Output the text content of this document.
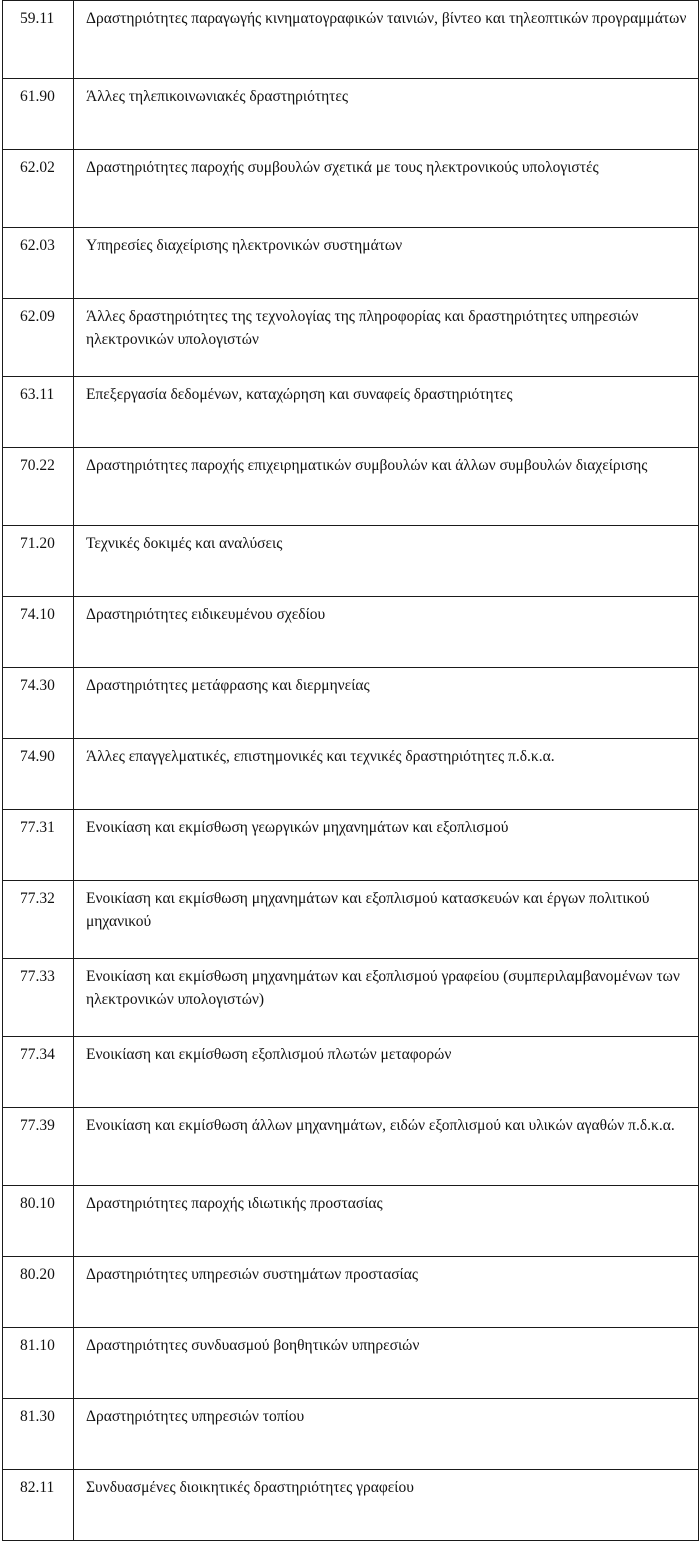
59.11	Δραστηριότητες παραγωγής κινηματογραφικών ταινιών, βίντεο και τηλεοπτικών προγραμμάτων
61.90	Άλλες τηλεπικοινωνιακές δραστηριότητες
62.02	Δραστηριότητες παροχής συμβουλών σχετικά με τους ηλεκτρονικούς υπολογιστές
62.03	Υπηρεσίες διαχείρισης ηλεκτρονικών συστημάτων
62.09	Άλλες δραστηριότητες της τεχνολογίας της πληροφορίας και δραστηριότητες υπηρεσιών ηλεκτρονικών υπολογιστών
63.11	Επεξεργασία δεδομένων, καταχώρηση και συναφείς δραστηριότητες
70.22	Δραστηριότητες παροχής επιχειρηματικών συμβουλών και άλλων συμβουλών διαχείρισης
71.20	Τεχνικές δοκιμές και αναλύσεις
74.10	Δραστηριότητες ειδικευμένου σχεδίου
74.30	Δραστηριότητες μετάφρασης και διερμηνείας
74.90	Άλλες επαγγελματικές, επιστημονικές και τεχνικές δραστηριότητες π.δ.κ.α.
77.31	Ενοικίαση και εκμίσθωση γεωργικών μηχανημάτων και εξοπλισμού
77.32	Ενοικίαση και εκμίσθωση μηχανημάτων και εξοπλισμού κατασκευών και έργων πολιτικού μηχανικού
77.33	Ενοικίαση και εκμίσθωση μηχανημάτων και εξοπλισμού γραφείου (συμπεριλαμβανομένων των ηλεκτρονικών υπολογιστών)
77.34	Ενοικίαση και εκμίσθωση εξοπλισμού πλωτών μεταφορών
77.39	Ενοικίαση και εκμίσθωση άλλων μηχανημάτων, ειδών εξοπλισμού και υλικών αγαθών π.δ.κ.α.
80.10	Δραστηριότητες παροχής ιδιωτικής προστασίας
80.20	Δραστηριότητες υπηρεσιών συστημάτων προστασίας
81.10	Δραστηριότητες συνδυασμού βοηθητικών υπηρεσιών
81.30	Δραστηριότητες υπηρεσιών τοπίου
82.11	Συνδυασμένες διοικητικές δραστηριότητες γραφείου
